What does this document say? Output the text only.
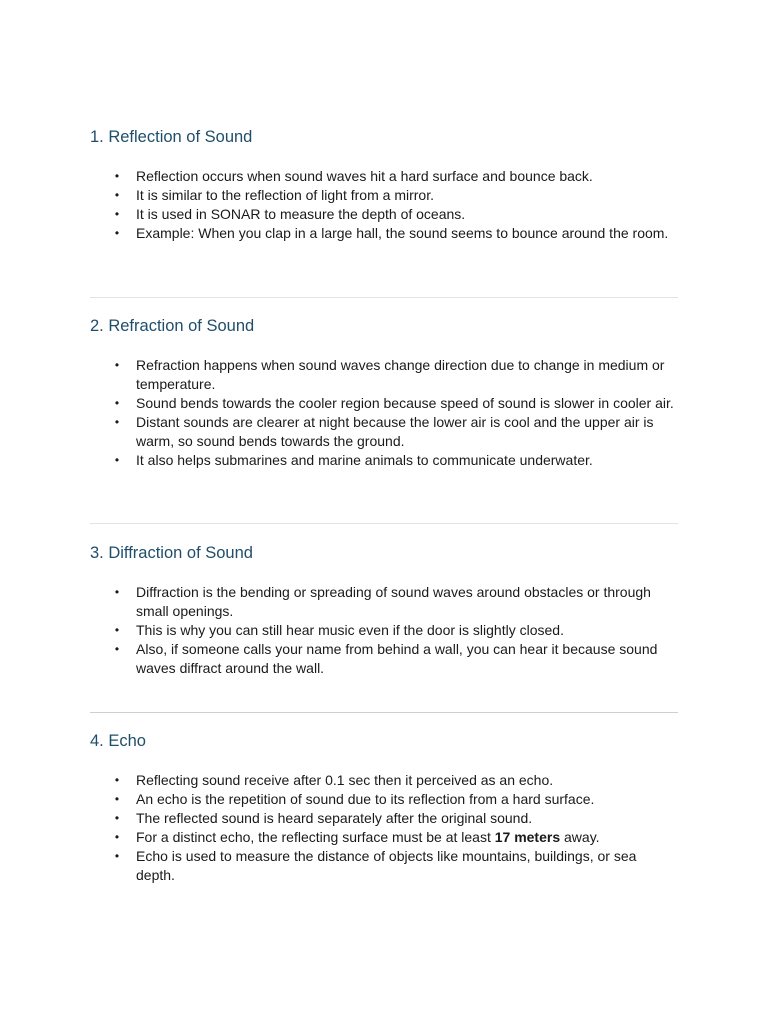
1. Reflection of Sound
• Reflection occurs when sound waves hit a hard surface and bounce back.
• It is similar to the reflection of light from a mirror.
• It is used in SONAR to measure the depth of oceans.
• Example: When you clap in a large hall, the sound seems to bounce around the room.
2. Refraction of Sound
• Refraction happens when sound waves change direction due to change in medium or temperature.
• Sound bends towards the cooler region because speed of sound is slower in cooler air.
• Distant sounds are clearer at night because the lower air is cool and the upper air is warm, so sound bends towards the ground.
• It also helps submarines and marine animals to communicate underwater.
3. Diffraction of Sound
• Diffraction is the bending or spreading of sound waves around obstacles or through small openings.
• This is why you can still hear music even if the door is slightly closed.
• Also, if someone calls your name from behind a wall, you can hear it because sound waves diffract around the wall.
4. Echo
• Reflecting sound receive after 0.1 sec then it perceived as an echo.
• An echo is the repetition of sound due to its reflection from a hard surface.
• The reflected sound is heard separately after the original sound.
• For a distinct echo, the reflecting surface must be at least 17 meters away.
• Echo is used to measure the distance of objects like mountains, buildings, or sea depth.
